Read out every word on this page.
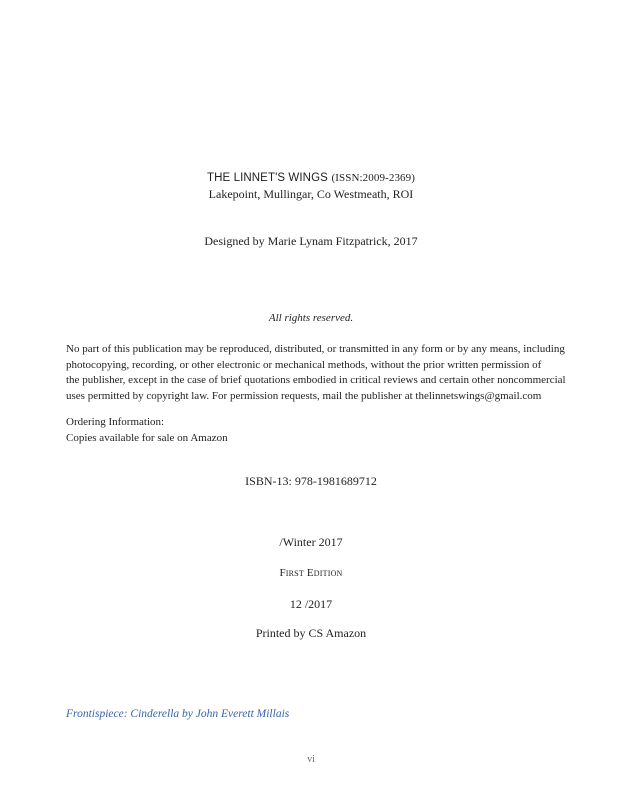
THE LINNET'S WINGS (ISSN:2009-2369)
Lakepoint, Mullingar, Co Westmeath, ROI
Designed by Marie Lynam Fitzpatrick, 2017
All rights reserved.
No part of this publication may be reproduced, distributed, or transmitted in any form or by any means, including
photocopying, recording, or other electronic or mechanical methods, without the prior written permission of
the publisher, except in the case of brief quotations embodied in critical reviews and certain other noncommercial
uses permitted by copyright law. For permission requests, mail the publisher at thelinnetswings@gmail.com
Ordering Information:
Copies available for sale on Amazon
ISBN-13: 978-1981689712
/Winter 2017
First Edition
12 /2017
Printed by CS Amazon
Frontispiece: Cinderella by John Everett Millais
vi
